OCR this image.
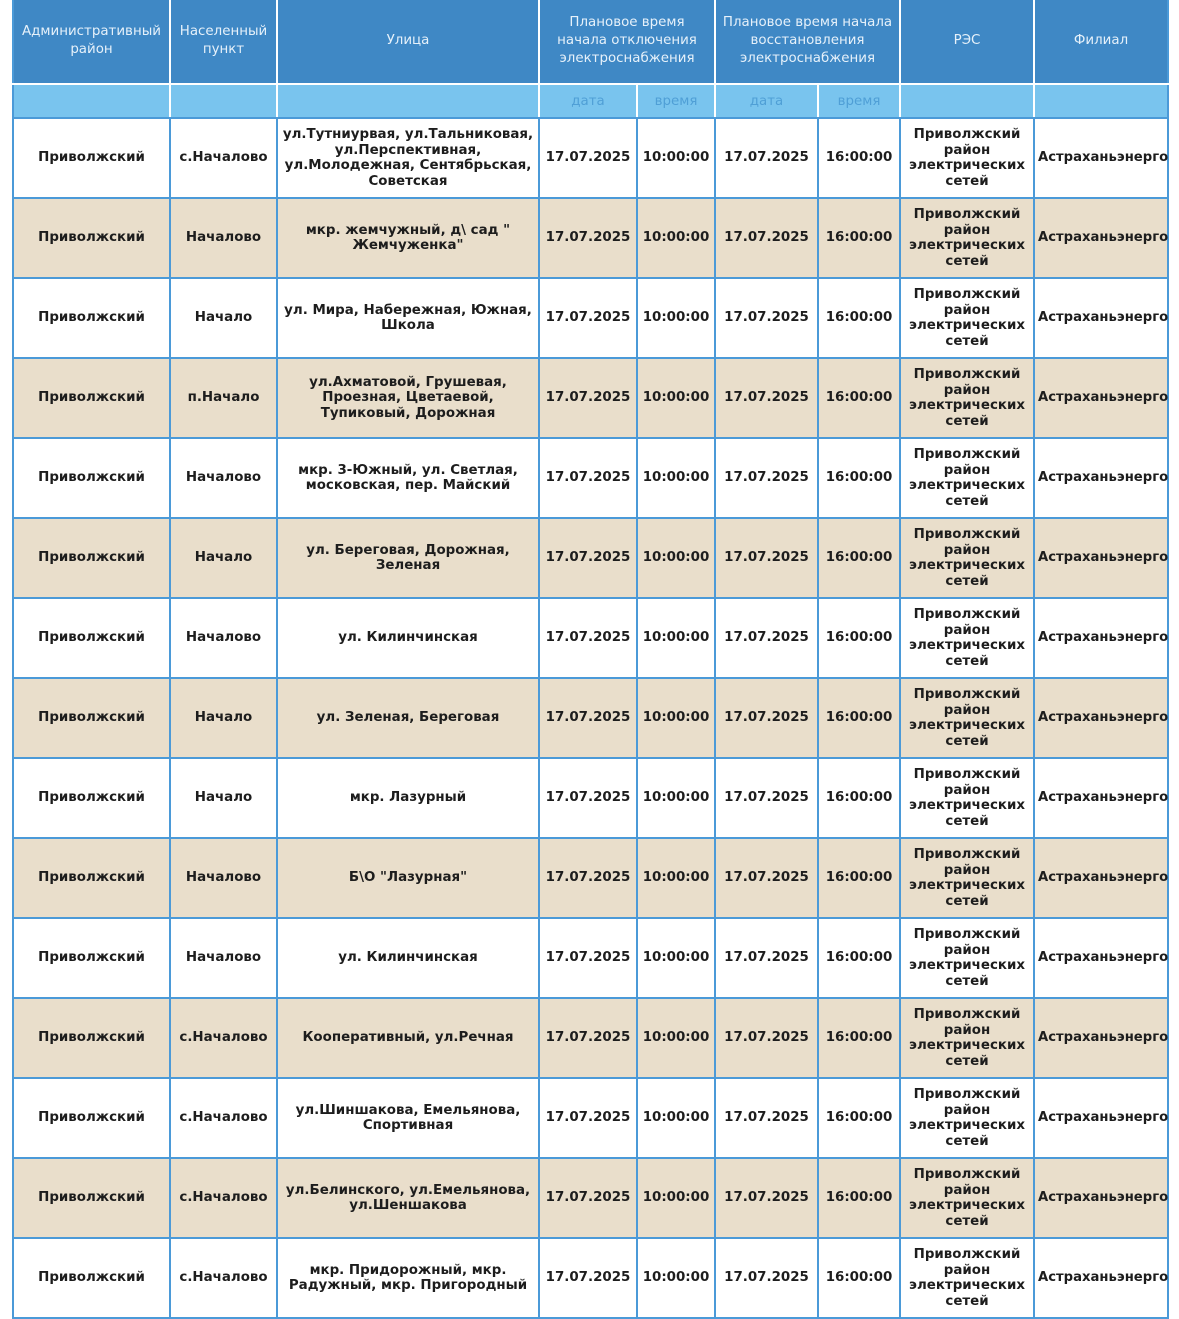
Административный район	Населенный пункт	Улица	Плановое время начала отключения электроснабжения		Плановое время начала восстановления электроснабжения		РЭС	Филиал
			дата	время	дата	время		
Приволжский	с.Началово	ул.Тутниурвая, ул.Тальниковая, ул.Перспективная, ул.Молодежная, Сентябрьская, Советская	17.07.2025	10:00:00	17.07.2025	16:00:00	Приволжский район электрических сетей	Астраханьэнерго
Приволжский	Началово	мкр. жемчужный, д\ сад " Жемчуженка"	17.07.2025	10:00:00	17.07.2025	16:00:00	Приволжский район электрических сетей	Астраханьэнерго
Приволжский	Начало	ул. Мира, Набережная, Южная, Школа	17.07.2025	10:00:00	17.07.2025	16:00:00	Приволжский район электрических сетей	Астраханьэнерго
Приволжский	п.Начало	ул.Ахматовой, Грушевая, Проезная, Цветаевой, Тупиковый, Дорожная	17.07.2025	10:00:00	17.07.2025	16:00:00	Приволжский район электрических сетей	Астраханьэнерго
Приволжский	Началово	мкр. 3-Южный, ул. Светлая, московская, пер. Майский	17.07.2025	10:00:00	17.07.2025	16:00:00	Приволжский район электрических сетей	Астраханьэнерго
Приволжский	Начало	ул. Береговая, Дорожная, Зеленая	17.07.2025	10:00:00	17.07.2025	16:00:00	Приволжский район электрических сетей	Астраханьэнерго
Приволжский	Началово	ул. Килинчинская	17.07.2025	10:00:00	17.07.2025	16:00:00	Приволжский район электрических сетей	Астраханьэнерго
Приволжский	Начало	ул. Зеленая, Береговая	17.07.2025	10:00:00	17.07.2025	16:00:00	Приволжский район электрических сетей	Астраханьэнерго
Приволжский	Начало	мкр. Лазурный	17.07.2025	10:00:00	17.07.2025	16:00:00	Приволжский район электрических сетей	Астраханьэнерго
Приволжский	Началово	Б\О "Лазурная"	17.07.2025	10:00:00	17.07.2025	16:00:00	Приволжский район электрических сетей	Астраханьэнерго
Приволжский	Началово	ул. Килинчинская	17.07.2025	10:00:00	17.07.2025	16:00:00	Приволжский район электрических сетей	Астраханьэнерго
Приволжский	с.Началово	Кооперативный, ул.Речная	17.07.2025	10:00:00	17.07.2025	16:00:00	Приволжский район электрических сетей	Астраханьэнерго
Приволжский	с.Началово	ул.Шиншакова, Емельянова, Спортивная	17.07.2025	10:00:00	17.07.2025	16:00:00	Приволжский район электрических сетей	Астраханьэнерго
Приволжский	с.Началово	ул.Белинского, ул.Емельянова, ул.Шеншакова	17.07.2025	10:00:00	17.07.2025	16:00:00	Приволжский район электрических сетей	Астраханьэнерго
Приволжский	с.Началово	мкр. Придорожный, мкр. Радужный, мкр. Пригородный	17.07.2025	10:00:00	17.07.2025	16:00:00	Приволжский район электрических сетей	Астраханьэнерго
